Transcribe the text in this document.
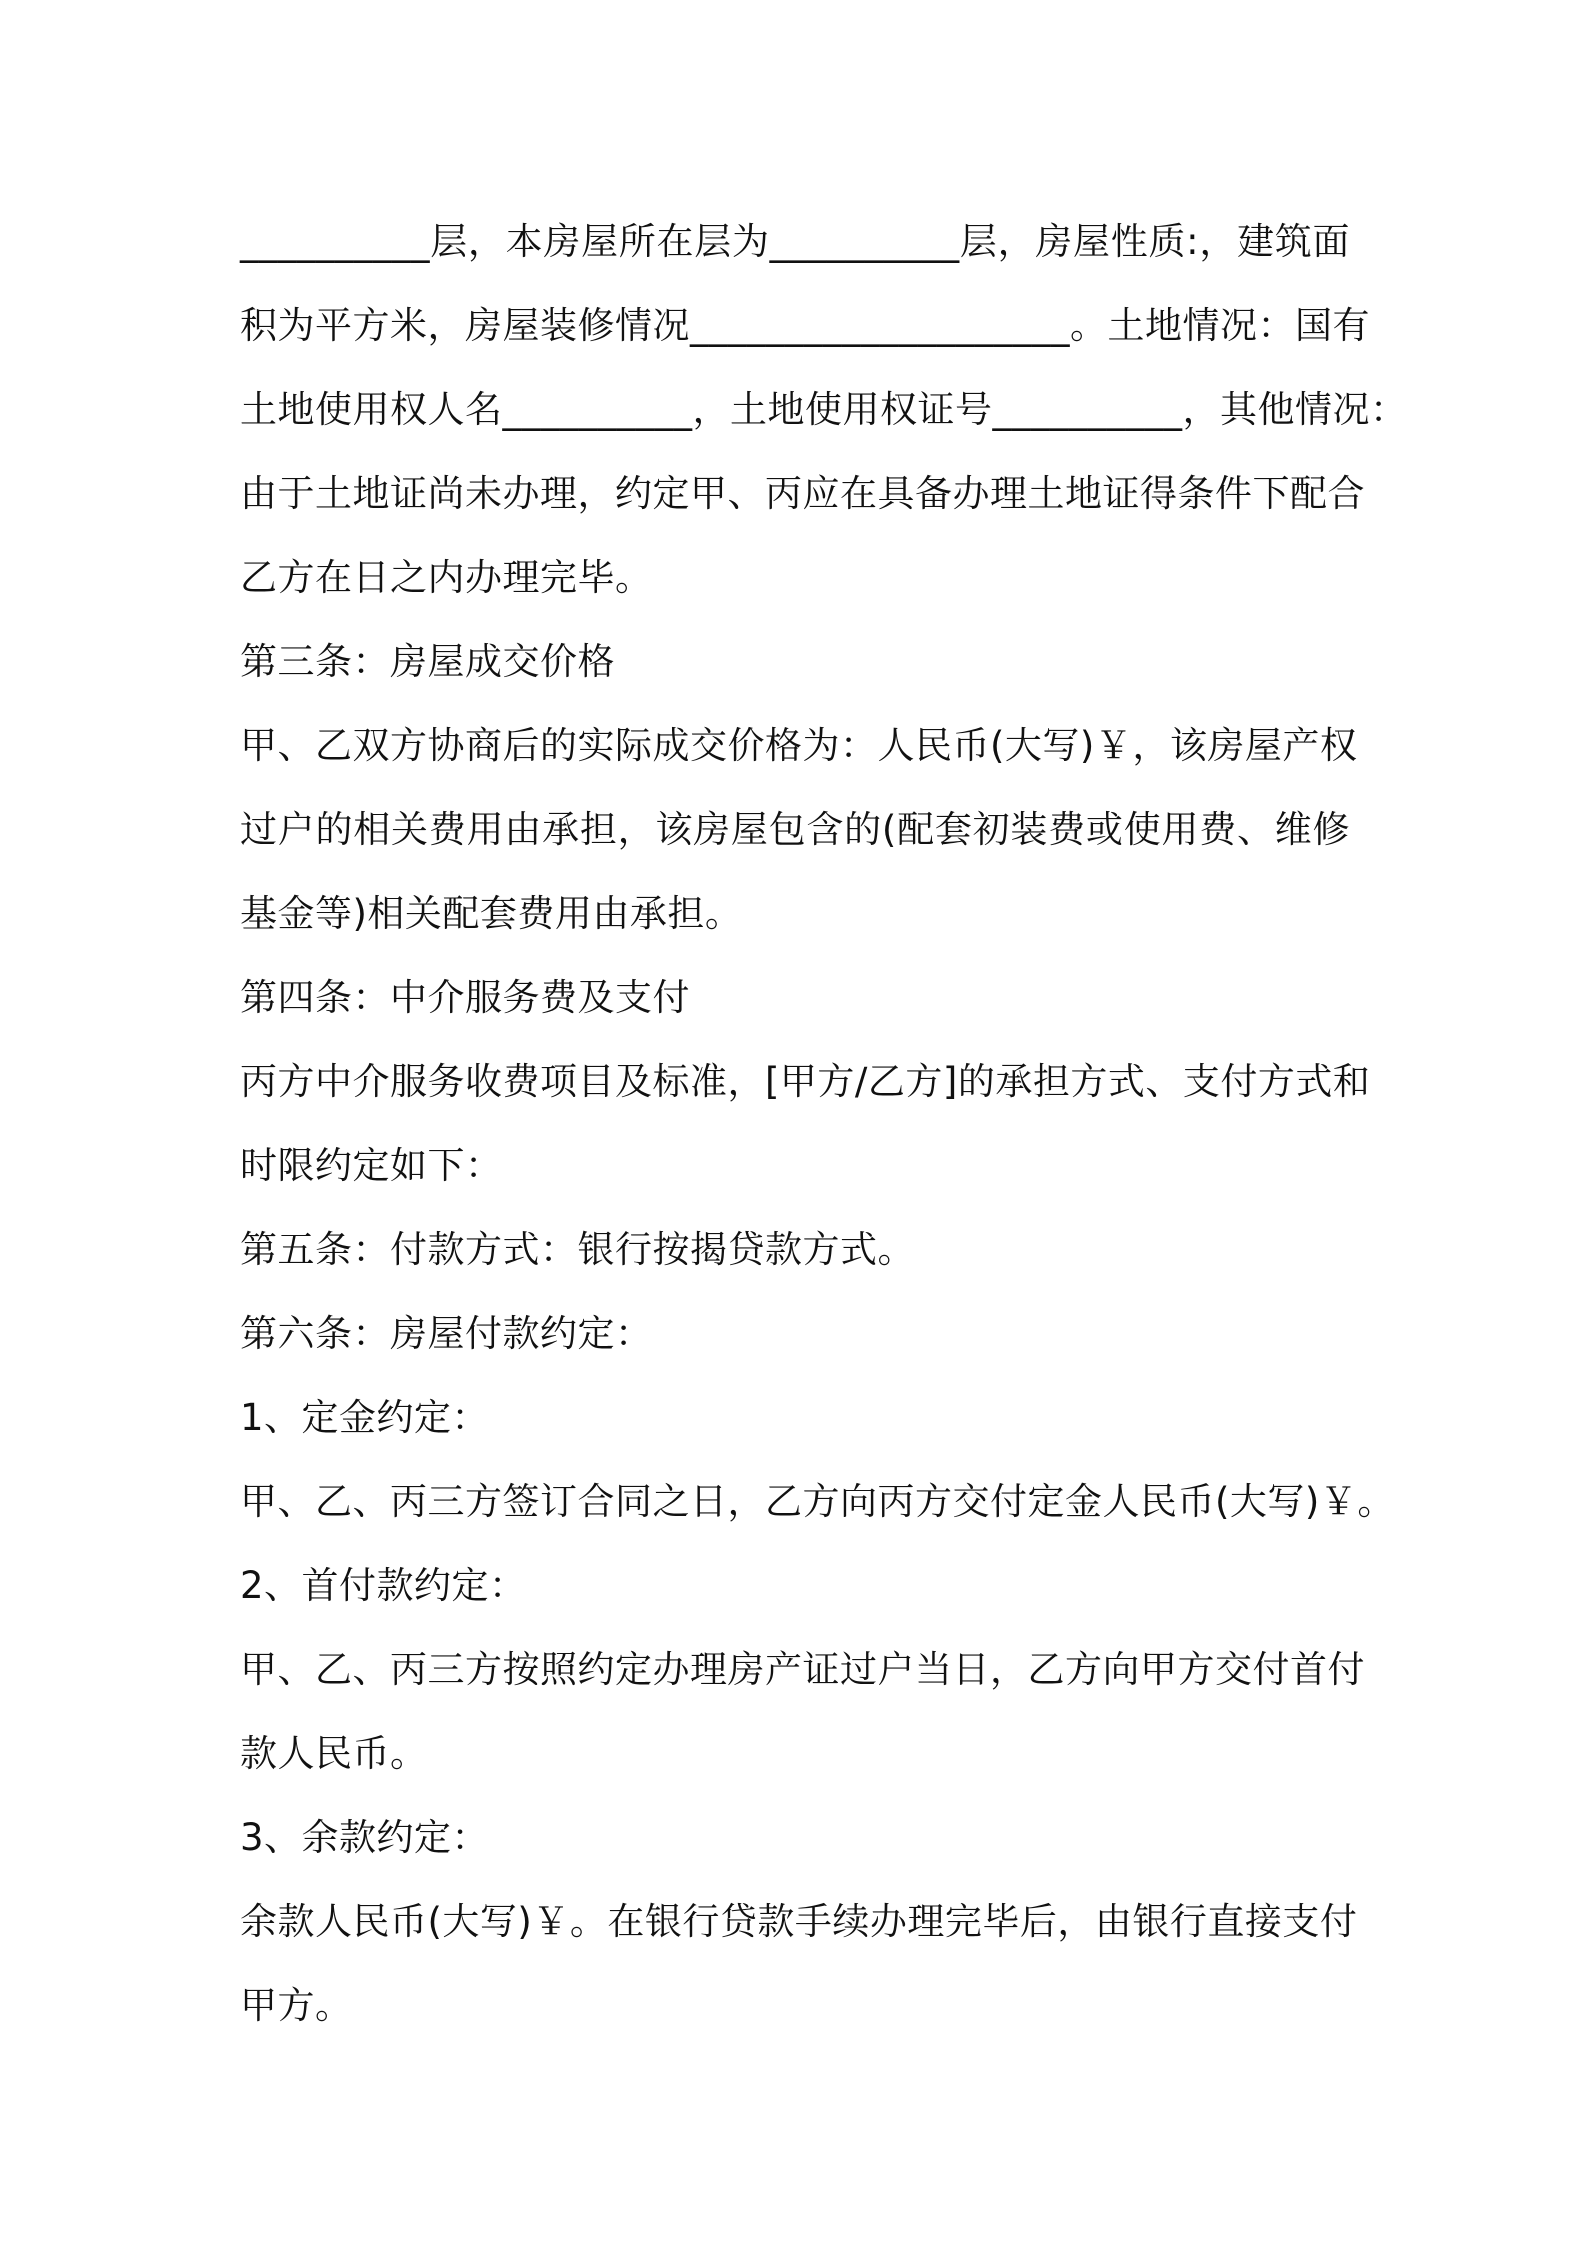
__________层，本房屋所在层为__________层，房屋性质:，建筑面
积为平方米，房屋装修情况____________________。土地情况：国有
土地使用权人名__________，土地使用权证号__________，其他情况：
由于土地证尚未办理，约定甲、丙应在具备办理土地证得条件下配合
乙方在日之内办理完毕。
第三条：房屋成交价格
甲、乙双方协商后的实际成交价格为：人民币(大写)￥，该房屋产权
过户的相关费用由承担，该房屋包含的(配套初装费或使用费、维修
基金等)相关配套费用由承担。
第四条：中介服务费及支付
丙方中介服务收费项目及标准，[甲方/乙方]的承担方式、支付方式和
时限约定如下：
第五条：付款方式：银行按揭贷款方式。
第六条：房屋付款约定：
1、定金约定：
甲、乙、丙三方签订合同之日，乙方向丙方交付定金人民币(大写)￥。
2、首付款约定：
甲、乙、丙三方按照约定办理房产证过户当日，乙方向甲方交付首付
款人民币。
3、余款约定：
余款人民币(大写)￥。在银行贷款手续办理完毕后，由银行直接支付
甲方。
